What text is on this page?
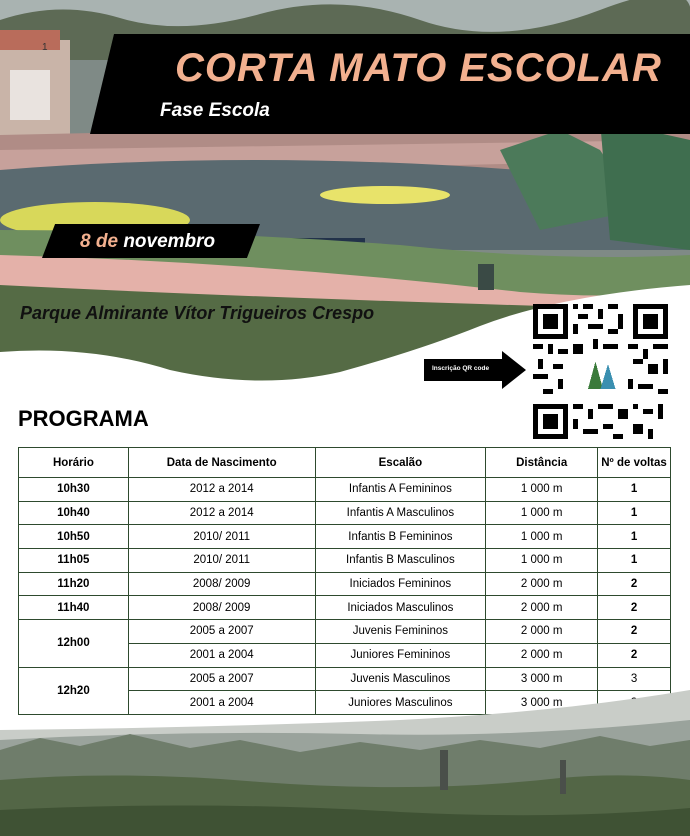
1	CORTA MATO ESCOLAR
Fase Escola
8 de novembro
Parque Almirante Vítor Trigueiros Crespo
Inscrição QR code
PROGRAMA
Horário	Data de Nascimento	Escalão	Distância	Nº de voltas
10h30	2012 a 2014	Infantis A Femininos	1 000 m	1
10h40	2012 a 2014	Infantis A Masculinos	1 000 m	1
10h50	2010/ 2011	Infantis B Femininos	1 000 m	1
11h05	2010/ 2011	Infantis B Masculinos	1 000 m	1
11h20	2008/ 2009	Iniciados Femininos	2 000 m	2
11h40	2008/ 2009	Iniciados Masculinos	2 000 m	2
12h00	2005 a 2007	Juvenis Femininos	2 000 m	2
	2001 a 2004	Juniores Femininos	2 000 m	2
12h20	2005 a 2007	Juvenis Masculinos	3 000 m	3
	2001 a 2004	Juniores Masculinos	3 000 m	
